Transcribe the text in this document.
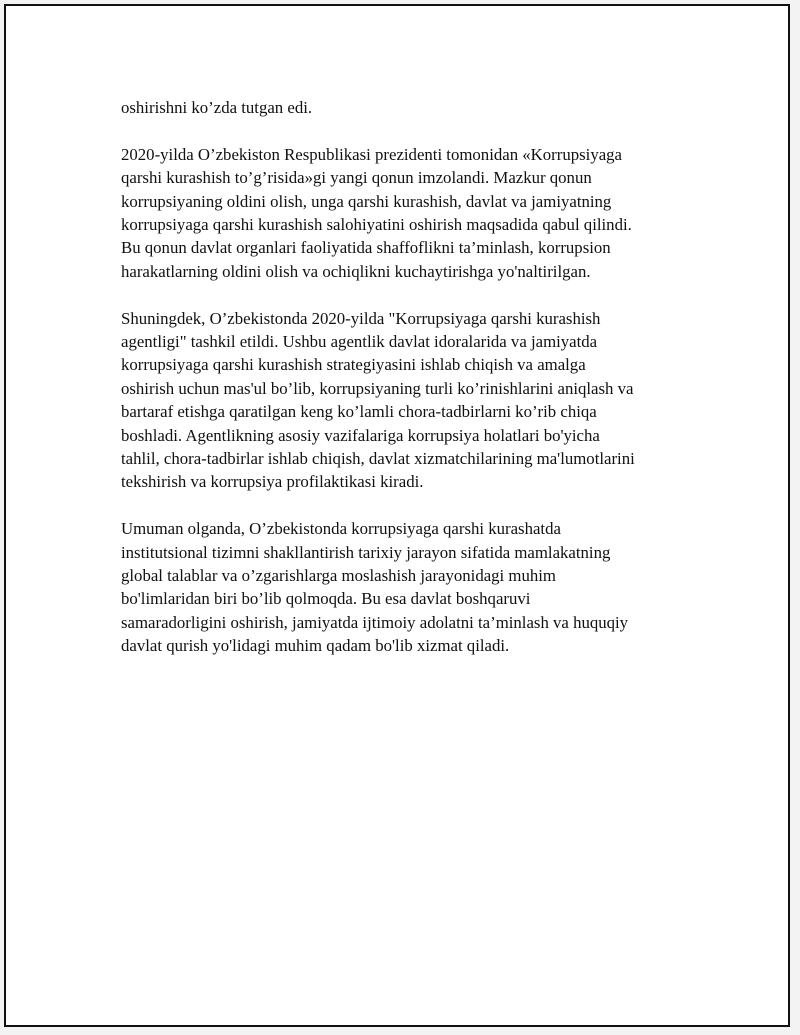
oshirishni ko’zda tutgan edi.

2020-yilda O’zbekiston Respublikasi prezidenti tomonidan «Korrupsiyaga
qarshi kurashish to’g’risida»gi yangi qonun imzolandi. Mazkur qonun
korrupsiyaning oldini olish, unga qarshi kurashish, davlat va jamiyatning
korrupsiyaga qarshi kurashish salohiyatini oshirish maqsadida qabul qilindi.
Bu qonun davlat organlari faoliyatida shaffoflikni ta’minlash, korrupsion
harakatlarning oldini olish va ochiqlikni kuchaytirishga yo'naltirilgan.

Shuningdek, O’zbekistonda 2020-yilda "Korrupsiyaga qarshi kurashish
agentligi" tashkil etildi. Ushbu agentlik davlat idoralarida va jamiyatda
korrupsiyaga qarshi kurashish strategiyasini ishlab chiqish va amalga
oshirish uchun mas'ul bo’lib, korrupsiyaning turli ko’rinishlarini aniqlash va
bartaraf etishga qaratilgan keng ko’lamli chora-tadbirlarni ko’rib chiqa
boshladi. Agentlikning asosiy vazifalariga korrupsiya holatlari bo'yicha
tahlil, chora-tadbirlar ishlab chiqish, davlat xizmatchilarining ma'lumotlarini
tekshirish va korrupsiya profilaktikasi kiradi.

Umuman olganda, O’zbekistonda korrupsiyaga qarshi kurashatda
institutsional tizimni shakllantirish tarixiy jarayon sifatida mamlakatning
global talablar va o’zgarishlarga moslashish jarayonidagi muhim
bo'limlaridan biri bo’lib qolmoqda. Bu esa davlat boshqaruvi
samaradorligini oshirish, jamiyatda ijtimoiy adolatni ta’minlash va huquqiy
davlat qurish yo'lidagi muhim qadam bo'lib xizmat qiladi.
